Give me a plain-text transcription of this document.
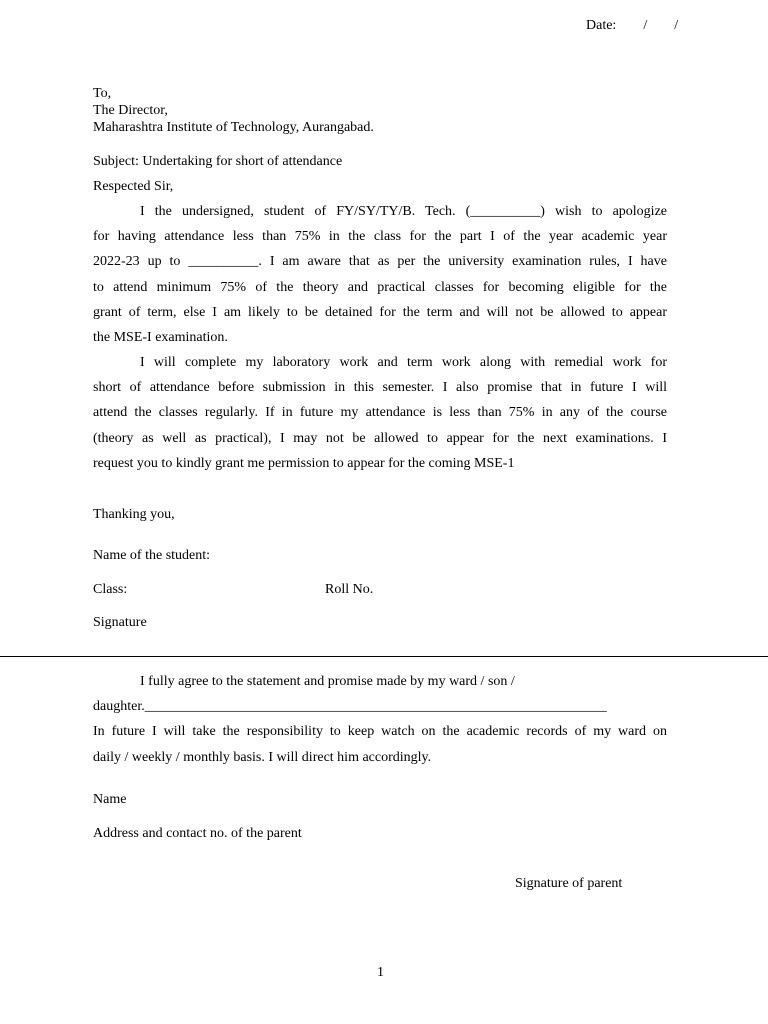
Date: / /
To,
The Director,
Maharashtra Institute of Technology, Aurangabad.
Subject: Undertaking for short of attendance
Respected Sir,

I the undersigned, student of FY/SY/TY/B. Tech. (__________) wish to apologize

for having attendance less than 75% in the class for the part I of the year academic year

2022-23 up to __________. I am aware that as per the university examination rules, I have

to attend minimum 75% of the theory and practical classes for becoming eligible for the

grant of term, else I am likely to be detained for the term and will not be allowed to appear

the MSE-I examination.

I will complete my laboratory work and term work along with remedial work for

short of attendance before submission in this semester. I also promise that in future I will

attend the classes regularly. If in future my attendance is less than 75% in any of the course

(theory as well as practical), I may not be allowed to appear for the next examinations. I

request you to kindly grant me permission to appear for the coming MSE-1

Thanking you,
Name of the student:
Class:	Roll No.
Signature

I fully agree to the statement and promise made by my ward / son /

daughter.__________________________________________________________________

In future I will take the responsibility to keep watch on the academic records of my ward on

daily / weekly / monthly basis. I will direct him accordingly.

Name
Address and contact no. of the parent
Signature of parent
1
